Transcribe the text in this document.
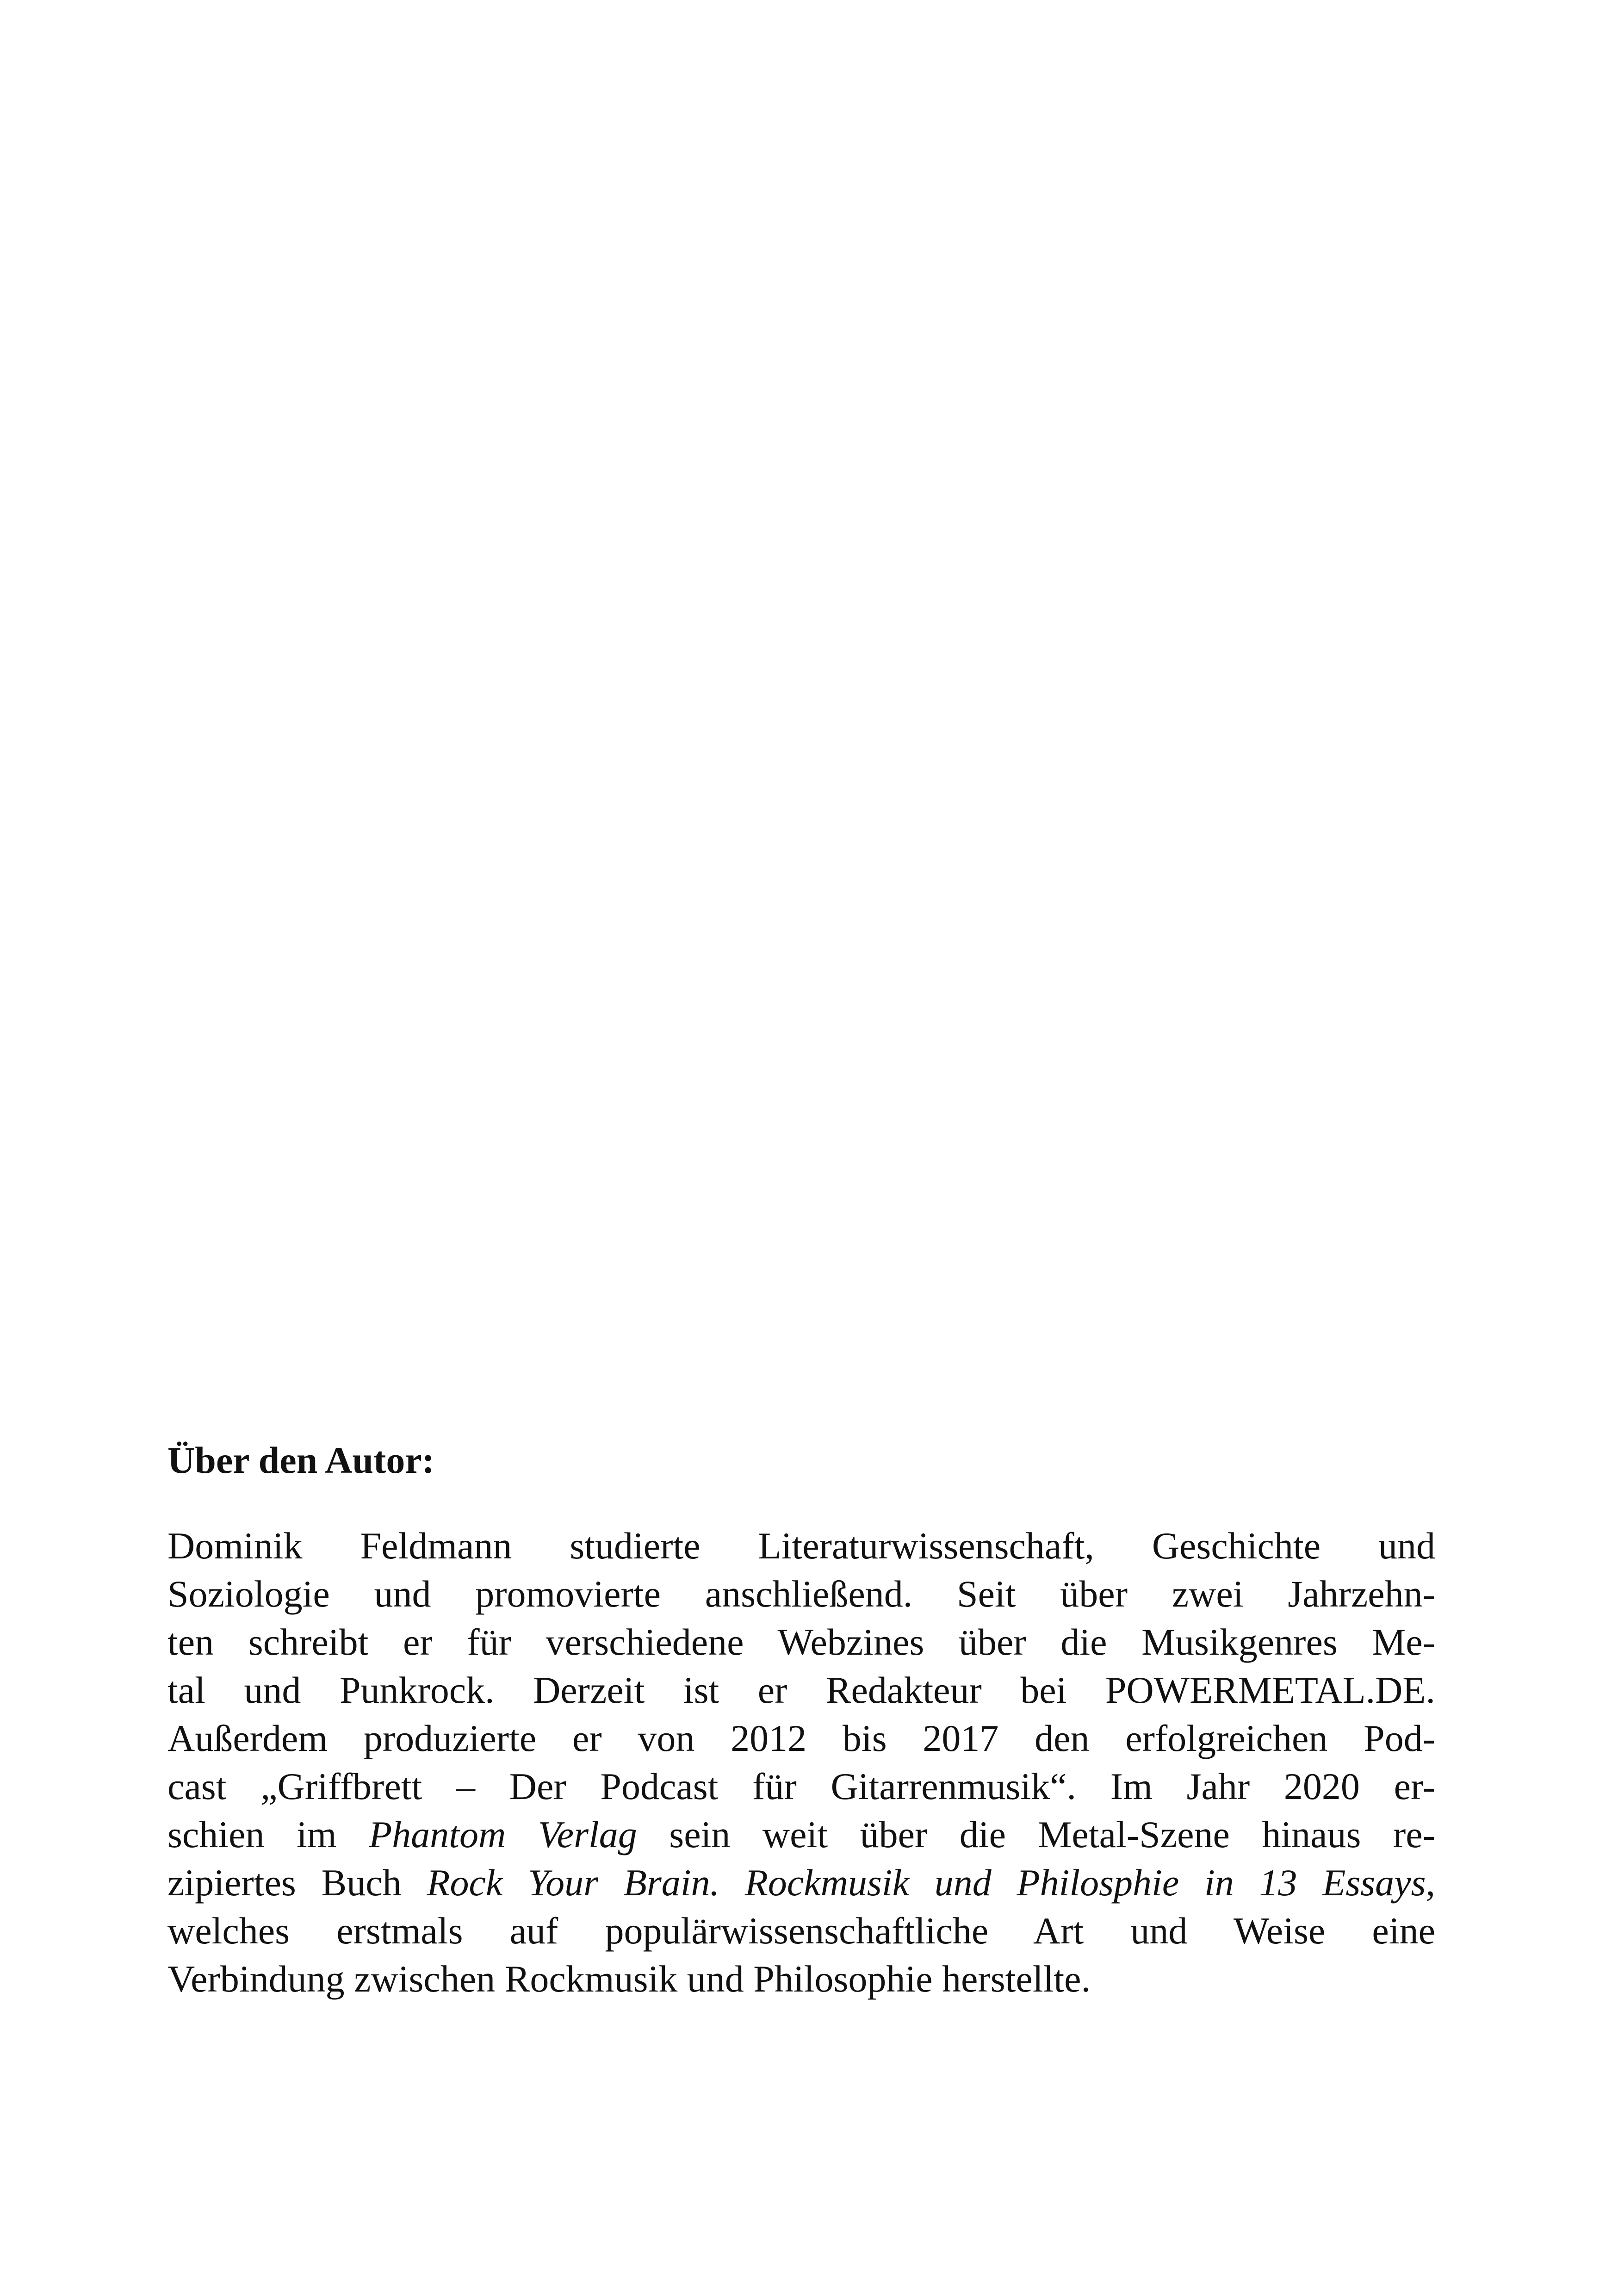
Über den Autor:
Dominik Feldmann studierte Literaturwissenschaft, Geschichte und
Soziologie und promovierte anschließend. Seit über zwei Jahrzehn-
ten schreibt er für verschiedene Webzines über die Musikgenres Me-
tal und Punkrock. Derzeit ist er Redakteur bei POWERMETAL.DE.
Außerdem produzierte er von 2012 bis 2017 den erfolgreichen Pod-
cast „Griffbrett – Der Podcast für Gitarrenmusik“. Im Jahr 2020 er-
schien im Phantom Verlag sein weit über die Metal-Szene hinaus re-
zipiertes Buch Rock Your Brain. Rockmusik und Philosphie in 13 Essays,
welches erstmals auf populärwissenschaftliche Art und Weise eine
Verbindung zwischen Rockmusik und Philosophie herstellte.
